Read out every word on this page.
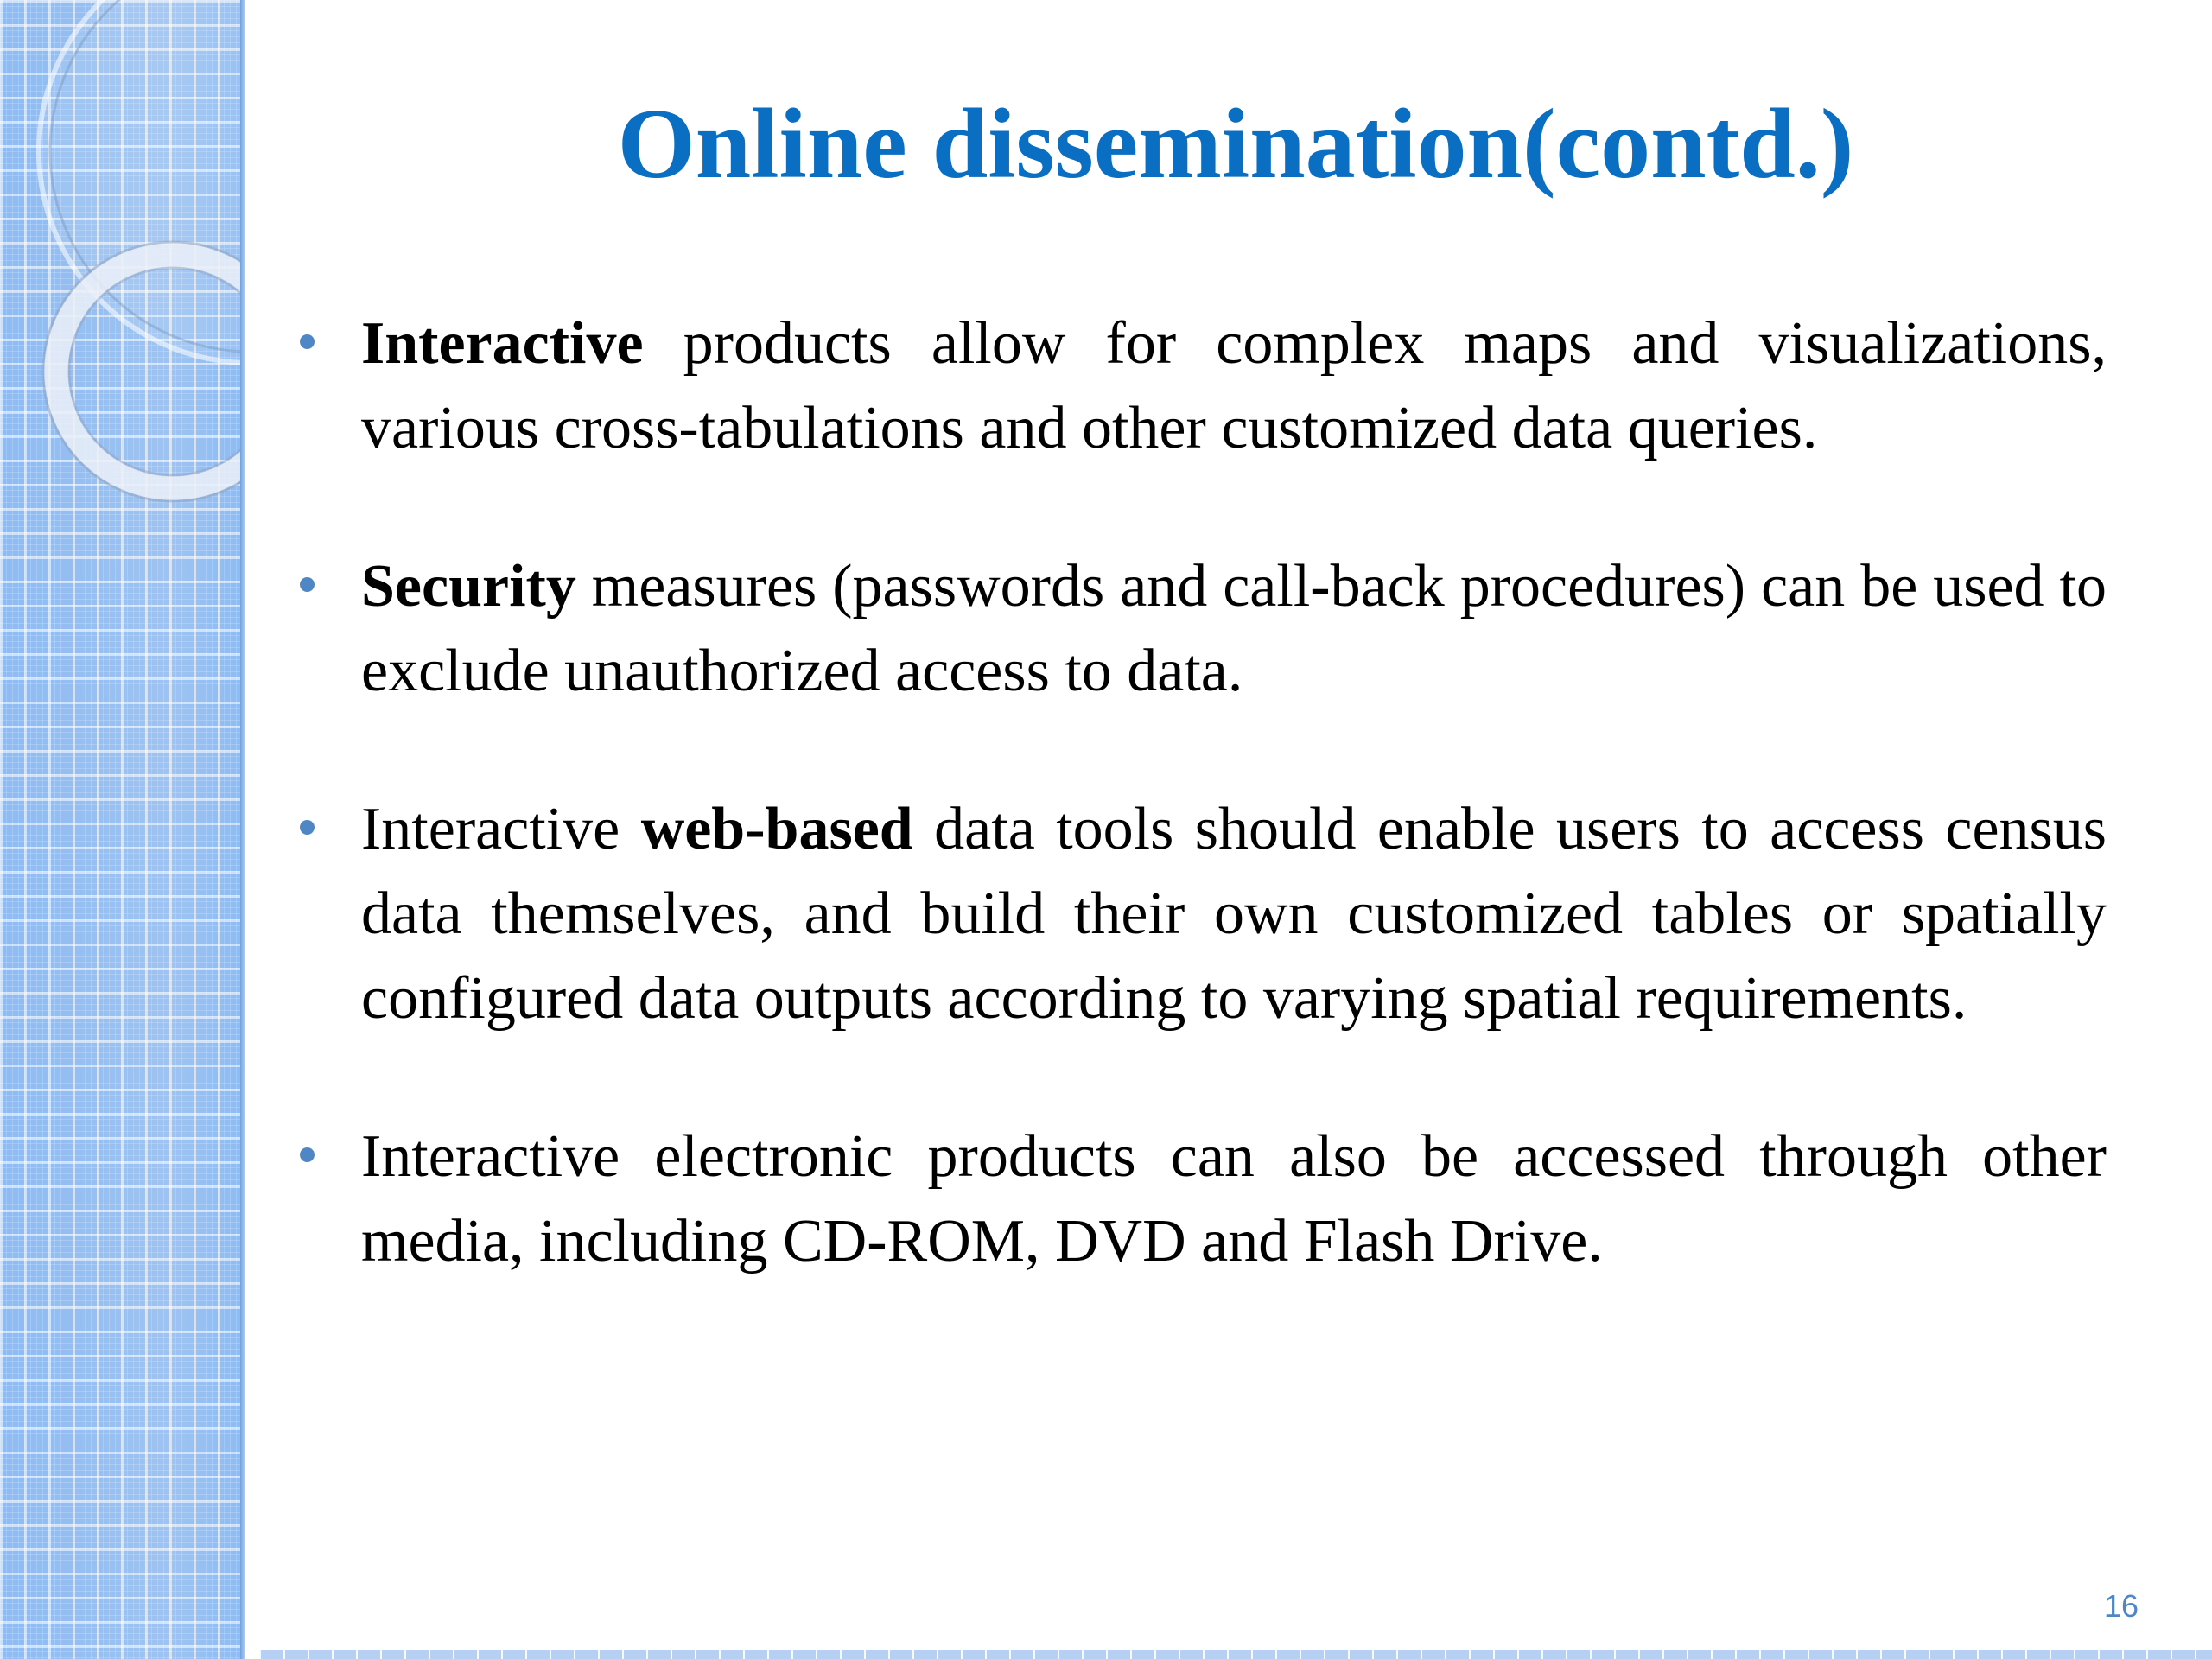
Online dissemination(contd.)
Interactive products allow for complex maps and visualizations, various cross-tabulations and other customized data queries.
Security measures (passwords and call-back procedures) can be used to exclude unauthorized access to data.
Interactive web-based data tools should enable users to access census data themselves, and build their own customized tables or spatially configured data outputs according to varying spatial requirements.
Interactive electronic products can also be accessed through other media, including CD-ROM, DVD and Flash Drive.
16
